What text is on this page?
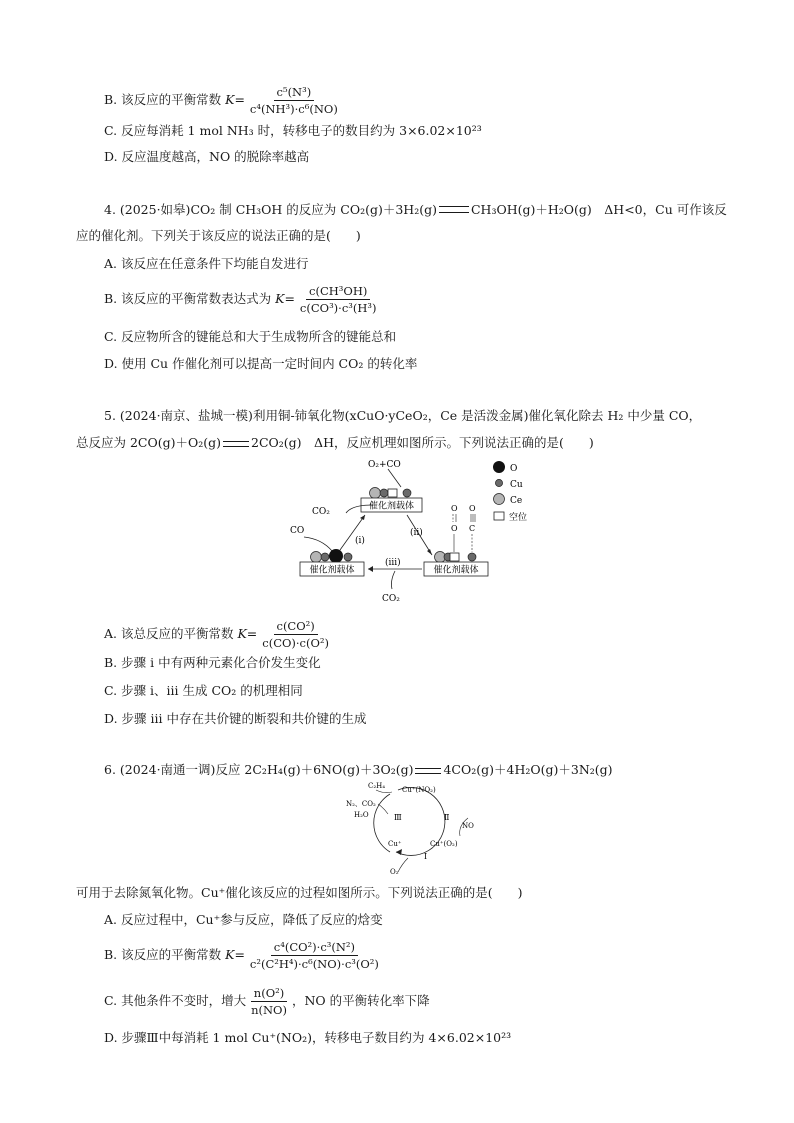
B. 该反应的平衡常数 $K= \frac{\text{c⁵(N³)}}{\text{c⁴(NH³)·c⁶(NO)}}$
C. 反应每消耗 1 mol NH₃ 时，转移电子的数目约为 3×6.02×10²³
D. 反应温度越高，NO 的脱除率越高
4. (2025·如皋)CO₂ 制 CH₃OH 的反应为 CO₂(g)＋3H₂(g)	CH₃OH(g)＋H₂O(g)　ΔH<0，Cu 可作该反
应的催化剂。下列关于该反应的说法正确的是(　　)
A. 该反应在任意条件下均能自发进行
B. 该反应的平衡常数表达式为 $K= \frac{\text{c(CH³OH)}}{\text{c(CO³)·c³(H³)}}$
C. 反应物所含的键能总和大于生成物所含的键能总和
D. 使用 Cu 作催化剂可以提高一定时间内 CO₂ 的转化率
5. (2024·南京、盐城一模)利用铜-铈氧化物(xCuO·yCeO₂，Ce 是活泼金属)催化氧化除去 H₂ 中少量 CO，
总反应为 2CO(g)＋O₂(g) 2CO₂(g)　ΔH，反应机理如图所示。下列说法正确的是(　　)
O₂+CO
催化剂载体
O
Cu
Ce
空位
CO₂
(i)
(ii)
CO
催化剂载体
O O
O C
催化剂载体
(iii)
CO₂
A. 该总反应的平衡常数 $K= \frac{\text{c(CO²)}}{\text{c(CO)·c(O²)}}$
B. 步骤 i 中有两种元素化合价发生变化
C. 步骤 i、iii 生成 CO₂ 的机理相同
D. 步骤 iii 中存在共价键的断裂和共价键的生成
6. (2024·南通一调)反应 2C₂H₄(g)＋6NO(g)＋3O₂(g) 4CO₂(g)＋4H₂O(g)＋3N₂(g)
C₂H₄ Cu⁺(NO₂)
N₂、CO₂
H₂O	Ⅲ	Ⅱ
NO
Cu⁺	Cu⁺(O₂)
Ⅰ
O₂
可用于去除氮氧化物。Cu⁺催化该反应的过程如图所示。下列说法正确的是(　　)
A. 反应过程中，Cu⁺参与反应，降低了反应的焓变
B. 该反应的平衡常数 $K= \frac{\text{c⁴(CO²)·c³(N²)}}{\text{c²(C²H⁴)·c⁶(NO)·c³(O²)}}$
C. 其他条件不变时，增大 $\frac{\text{n(O²)}}{n(NO)}$ ，NO 的平衡转化率下降
D. 步骤Ⅲ中每消耗 1 mol Cu⁺(NO₂)，转移电子数目约为 4×6.02×10²³
